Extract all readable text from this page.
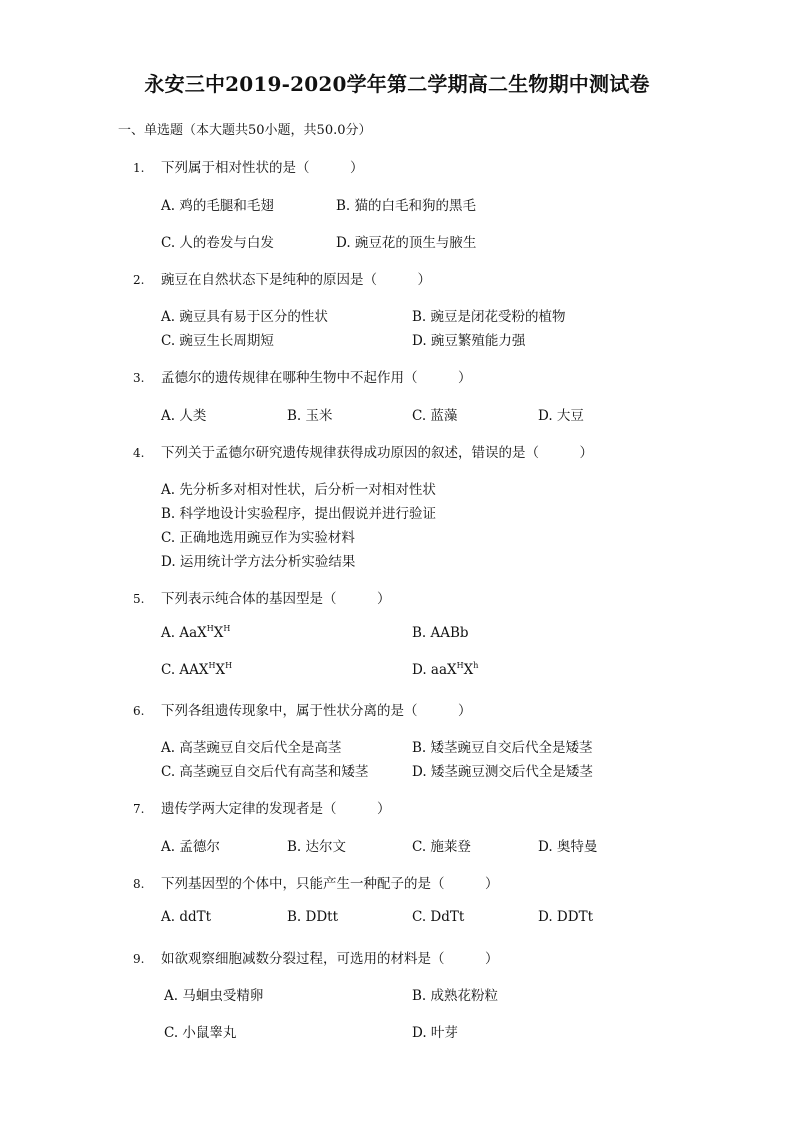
永安三中2019-2020学年第二学期高二生物期中测试卷
一、单选题（本大题共50小题，共50.0分）
1. 下列属于相对性状的是（　　　）
A. 鸡的毛腿和毛翅	B. 猫的白毛和狗的黑毛
C. 人的卷发与白发	D. 豌豆花的顶生与腋生
2. 豌豆在自然状态下是纯种的原因是（　　　）
A. 豌豆具有易于区分的性状	B. 豌豆是闭花受粉的植物
C. 豌豆生长周期短	D. 豌豆繁殖能力强
3. 孟德尔的遗传规律在哪种生物中不起作用（　　　）
A. 人类	B. 玉米	C. 蓝藻	D. 大豆
4. 下列关于孟德尔研究遗传规律获得成功原因的叙述，错误的是（　　　）
A. 先分析多对相对性状，后分析一对相对性状
B. 科学地设计实验程序，提出假说并进行验证
C. 正确地选用豌豆作为实验材料
D. 运用统计学方法分析实验结果
5. 下列表示纯合体的基因型是（　　　）
A. $AaX^HX^H$	B. AABb
C. $AAX^HX^H$	D. $aaX^HX^h$
6. 下列各组遗传现象中，属于性状分离的是（　　　）
A. 高茎豌豆自交后代全是高茎	B. 矮茎豌豆自交后代全是矮茎
C. 高茎豌豆自交后代有高茎和矮茎	D. 矮茎豌豆测交后代全是矮茎
7. 遗传学两大定律的发现者是（　　　）
A. 孟德尔	B. 达尔文	C. 施莱登	D. 奥特曼
8. 下列基因型的个体中，只能产生一种配子的是（　　　）
A. ddTt	B. DDtt	C. DdTt	D. DDTt
9. 如欲观察细胞减数分裂过程，可选用的材料是（　　　）
A. 马蛔虫受精卵	B. 成熟花粉粒
C. 小鼠睾丸	D. 叶芽
